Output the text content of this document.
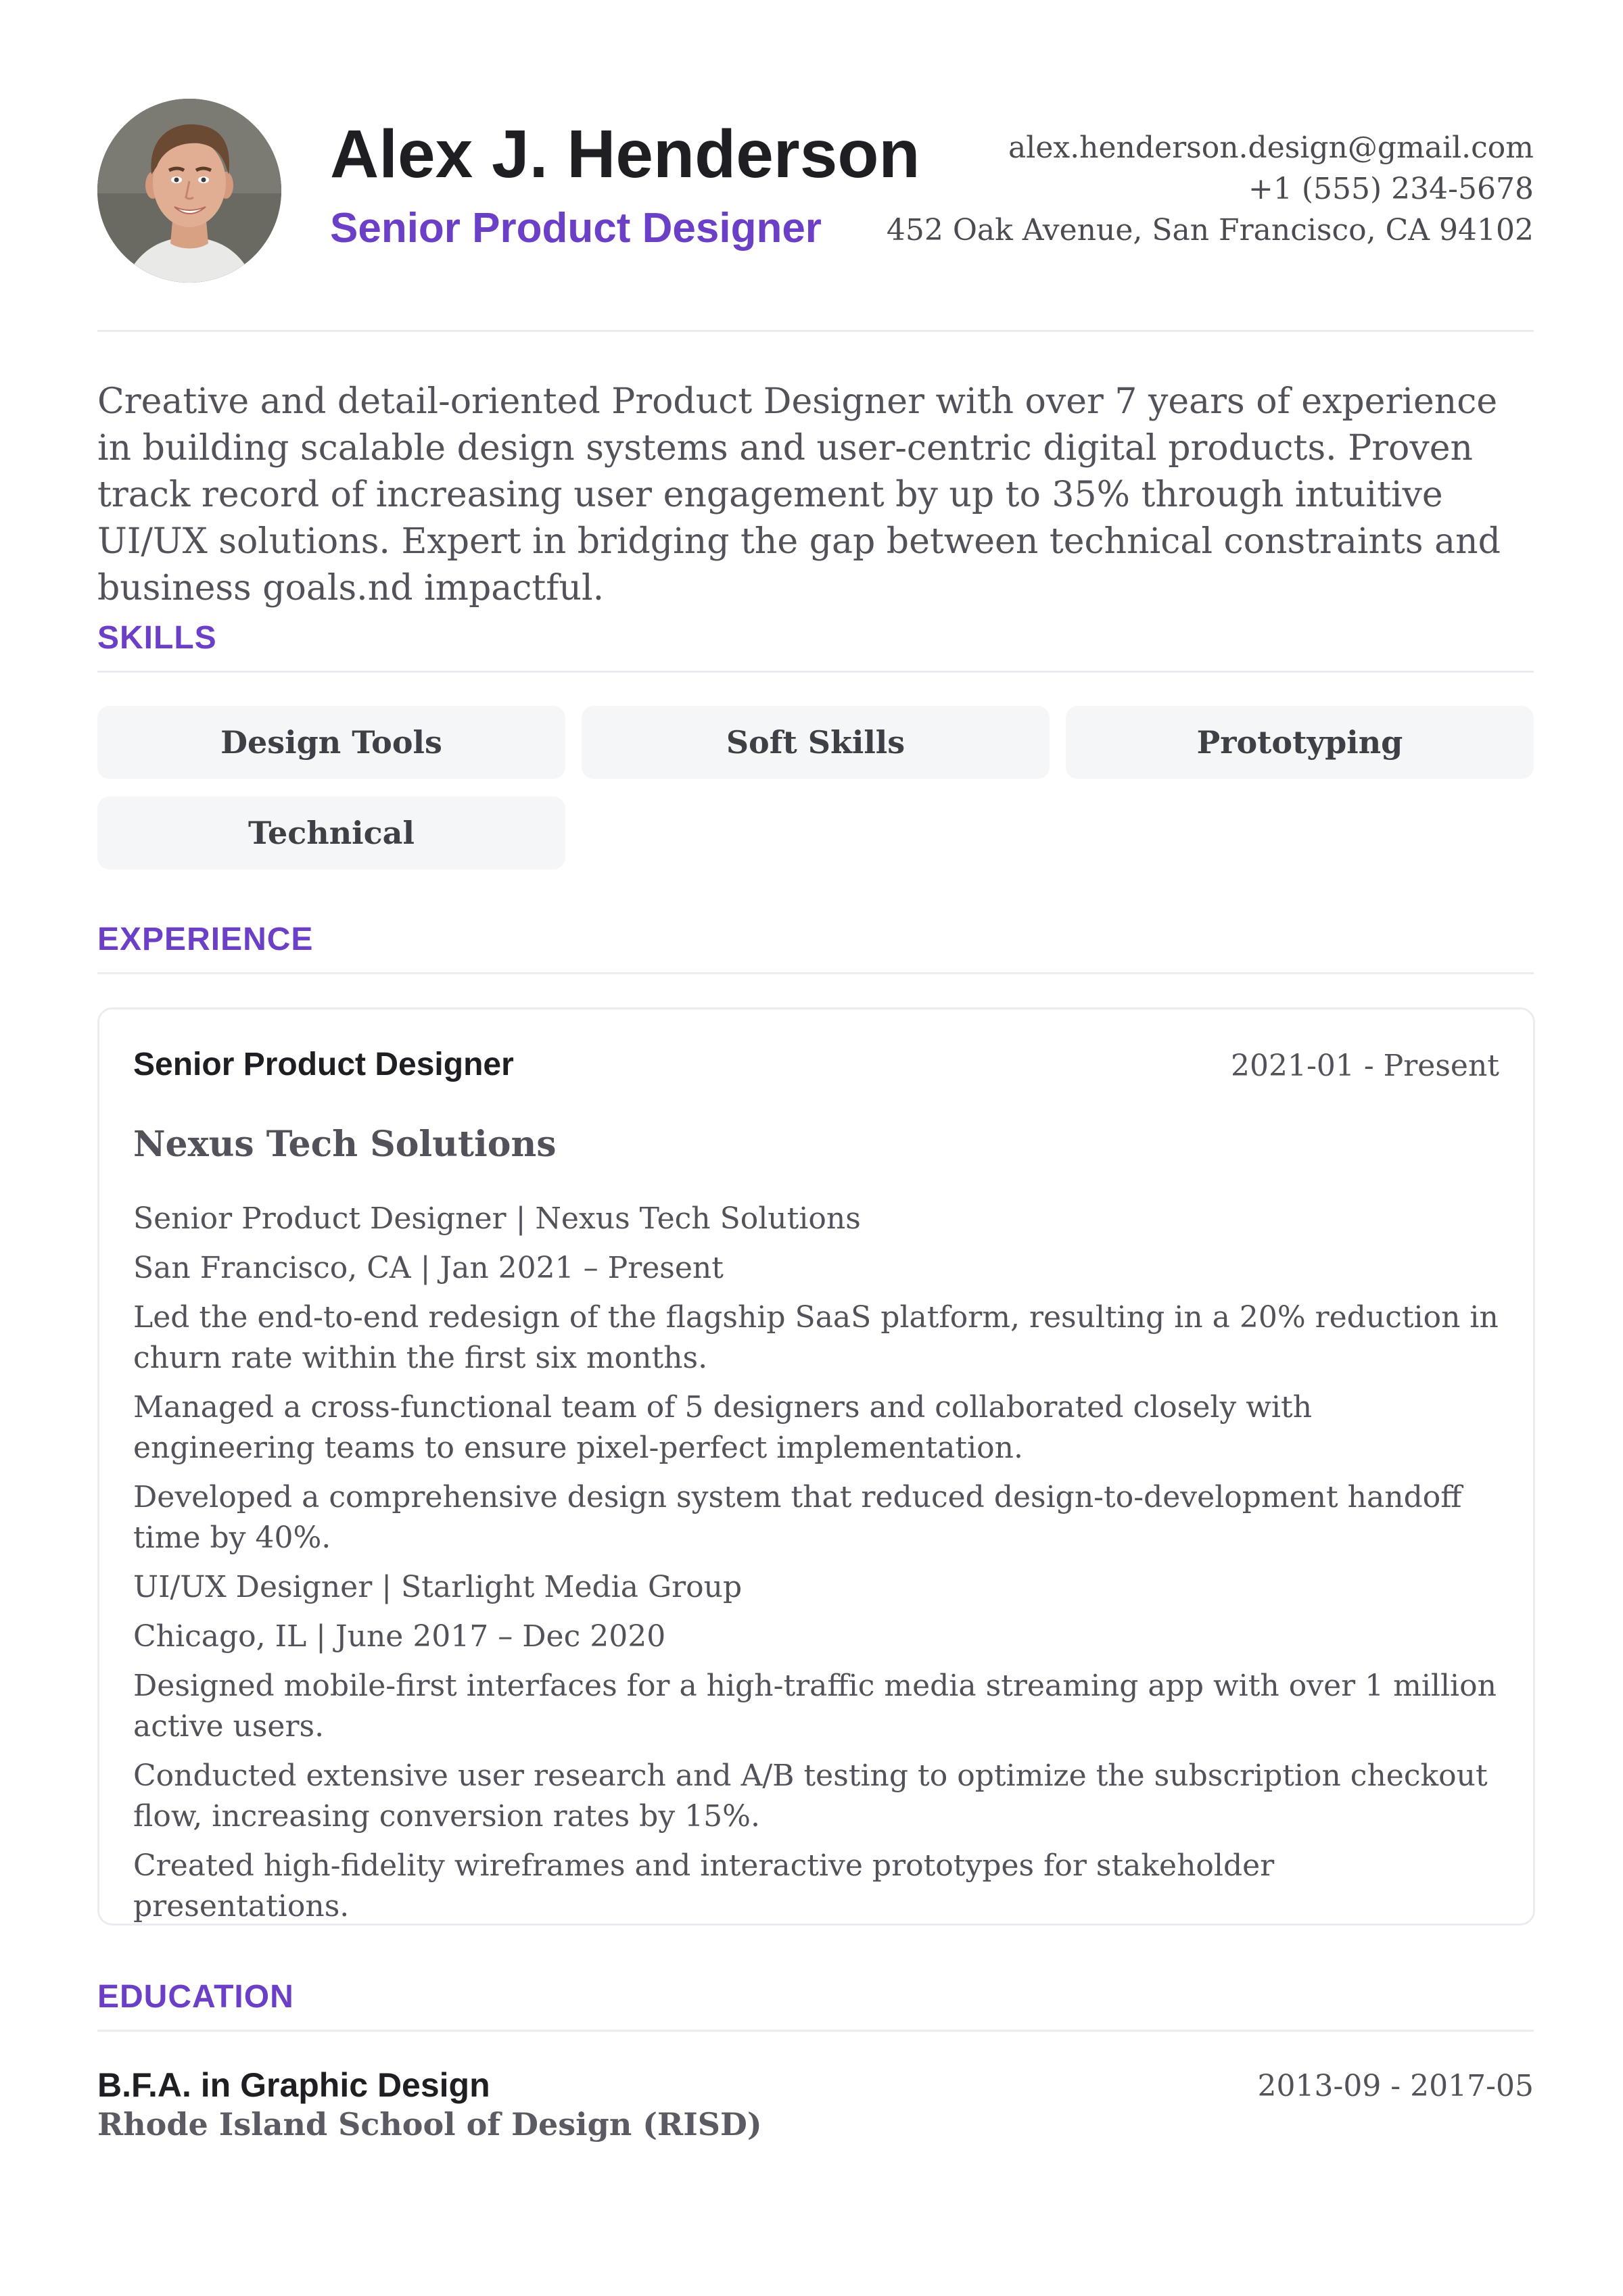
Alex J. Henderson
Senior Product Designer
alex.henderson.design@gmail.com
+1 (555) 234-5678
452 Oak Avenue, San Francisco, CA 94102

Creative and detail-oriented Product Designer with over 7 years of experience in building scalable design systems and user-centric digital products. Proven track record of increasing user engagement by up to 35% through intuitive UI/UX solutions. Expert in bridging the gap between technical constraints and business goals.nd impactful.

SKILLS
Design Tools	Soft Skills	Prototyping
Technical
EXPERIENCE
Senior Product Designer	2021-01 - Present
Nexus Tech Solutions
Senior Product Designer | Nexus Tech Solutions
San Francisco, CA | Jan 2021 – Present
Led the end-to-end redesign of the flagship SaaS platform, resulting in a 20% reduction in churn rate within the first six months.
Managed a cross-functional team of 5 designers and collaborated closely with engineering teams to ensure pixel-perfect implementation.
Developed a comprehensive design system that reduced design-to-development handoff time by 40%.
UI/UX Designer | Starlight Media Group
Chicago, IL | June 2017 – Dec 2020
Designed mobile-first interfaces for a high-traffic media streaming app with over 1 million active users.
Conducted extensive user research and A/B testing to optimize the subscription checkout flow, increasing conversion rates by 15%.
Created high-fidelity wireframes and interactive prototypes for stakeholder presentations.
EDUCATION
B.F.A. in Graphic Design	2013-09 - 2017-05
Rhode Island School of Design (RISD)
